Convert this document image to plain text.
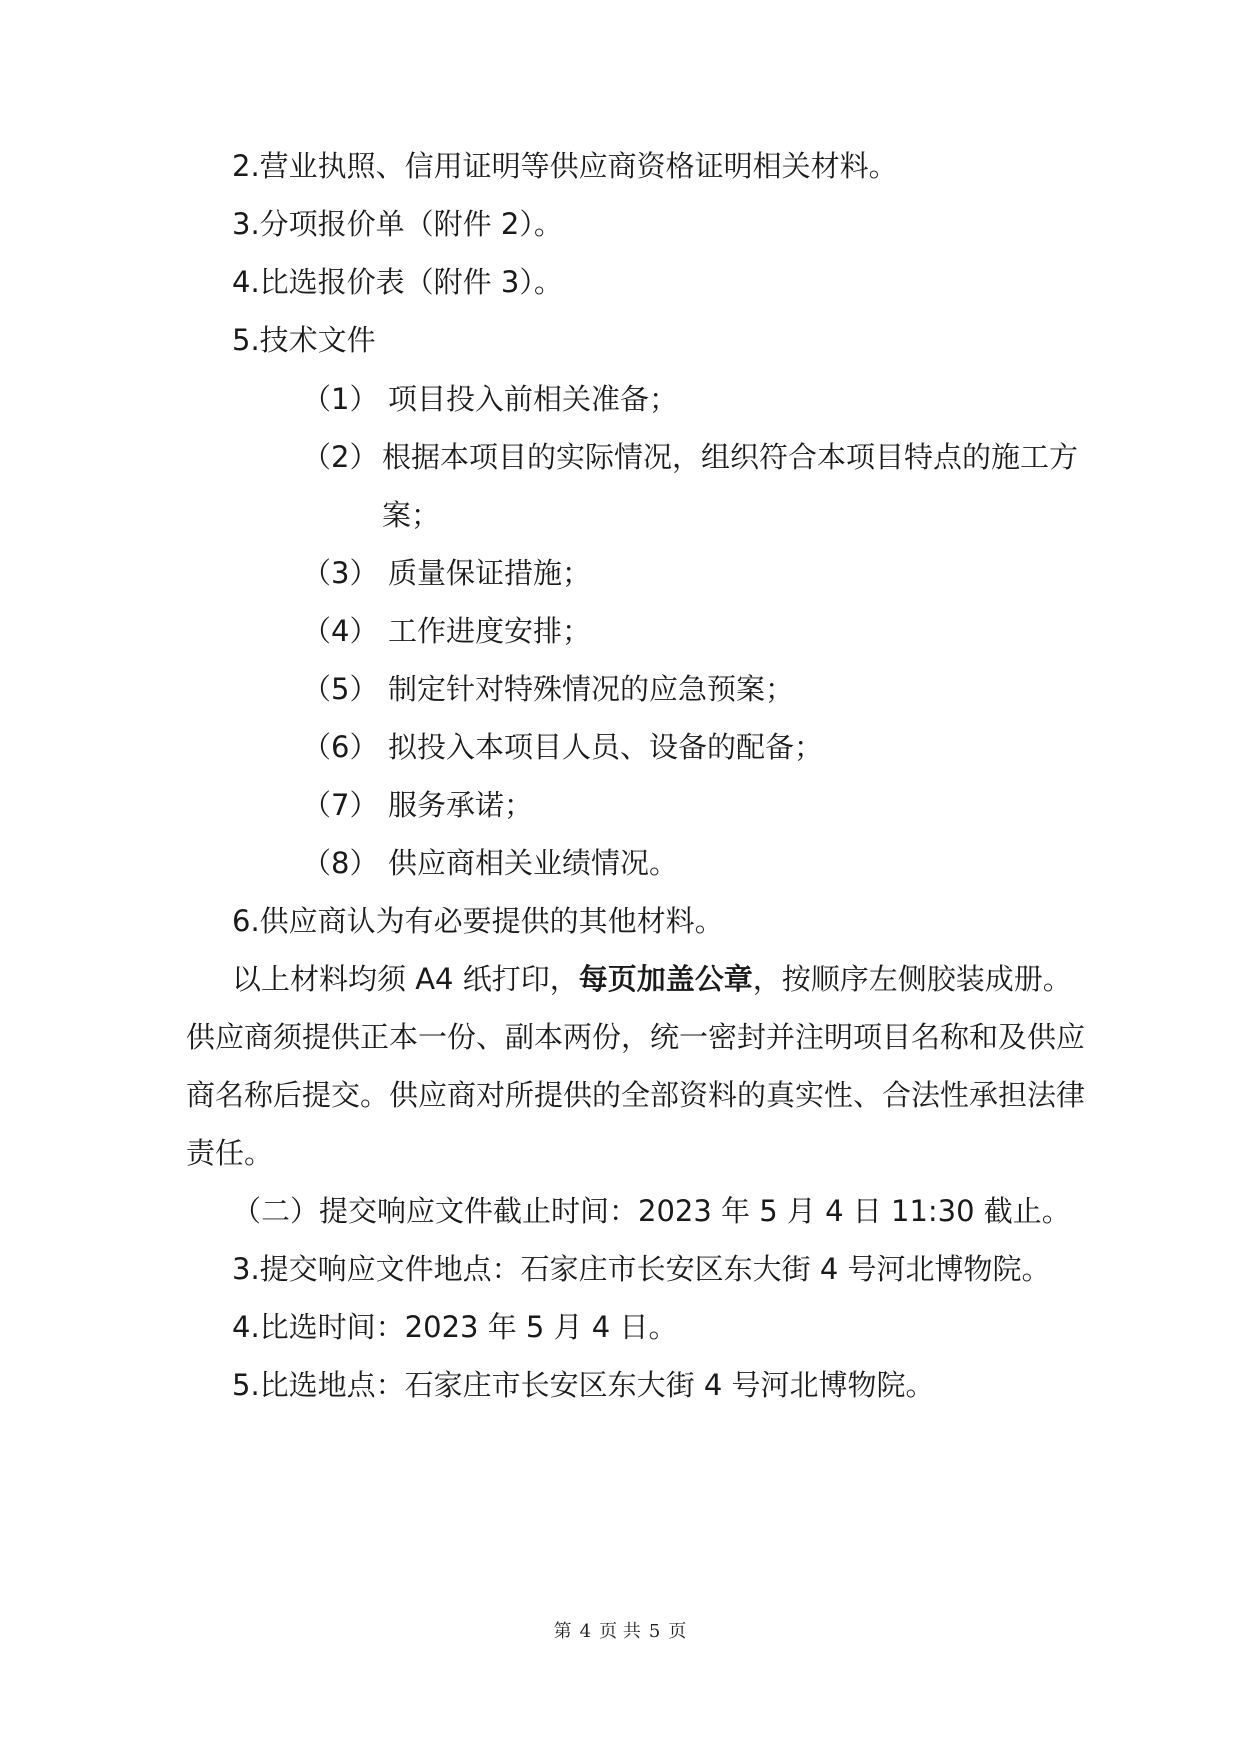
2.营业执照、信用证明等供应商资格证明相关材料。
3.分项报价单（附件 2）。
4.比选报价表（附件 3）。
5.技术文件
（1） 项目投入前相关准备；
（2） 根据本项目的实际情况，组织符合本项目特点的施工方
案；
（3） 质量保证措施；
（4） 工作进度安排；
（5） 制定针对特殊情况的应急预案；
（6） 拟投入本项目人员、设备的配备；
（7） 服务承诺；
（8） 供应商相关业绩情况。
6.供应商认为有必要提供的其他材料。
以上材料均须 A4 纸打印，每页加盖公章，按顺序左侧胶装成册。
供应商须提供正本一份、副本两份，统一密封并注明项目名称和及供应
商名称后提交。供应商对所提供的全部资料的真实性、合法性承担法律
责任。
（二）提交响应文件截止时间：2023 年 5 月 4 日 11:30 截止。
3.提交响应文件地点：石家庄市长安区东大街 4 号河北博物院。
4.比选时间：2023 年 5 月 4 日。
5.比选地点：石家庄市长安区东大街 4 号河北博物院。
第 4 页 共 5 页
